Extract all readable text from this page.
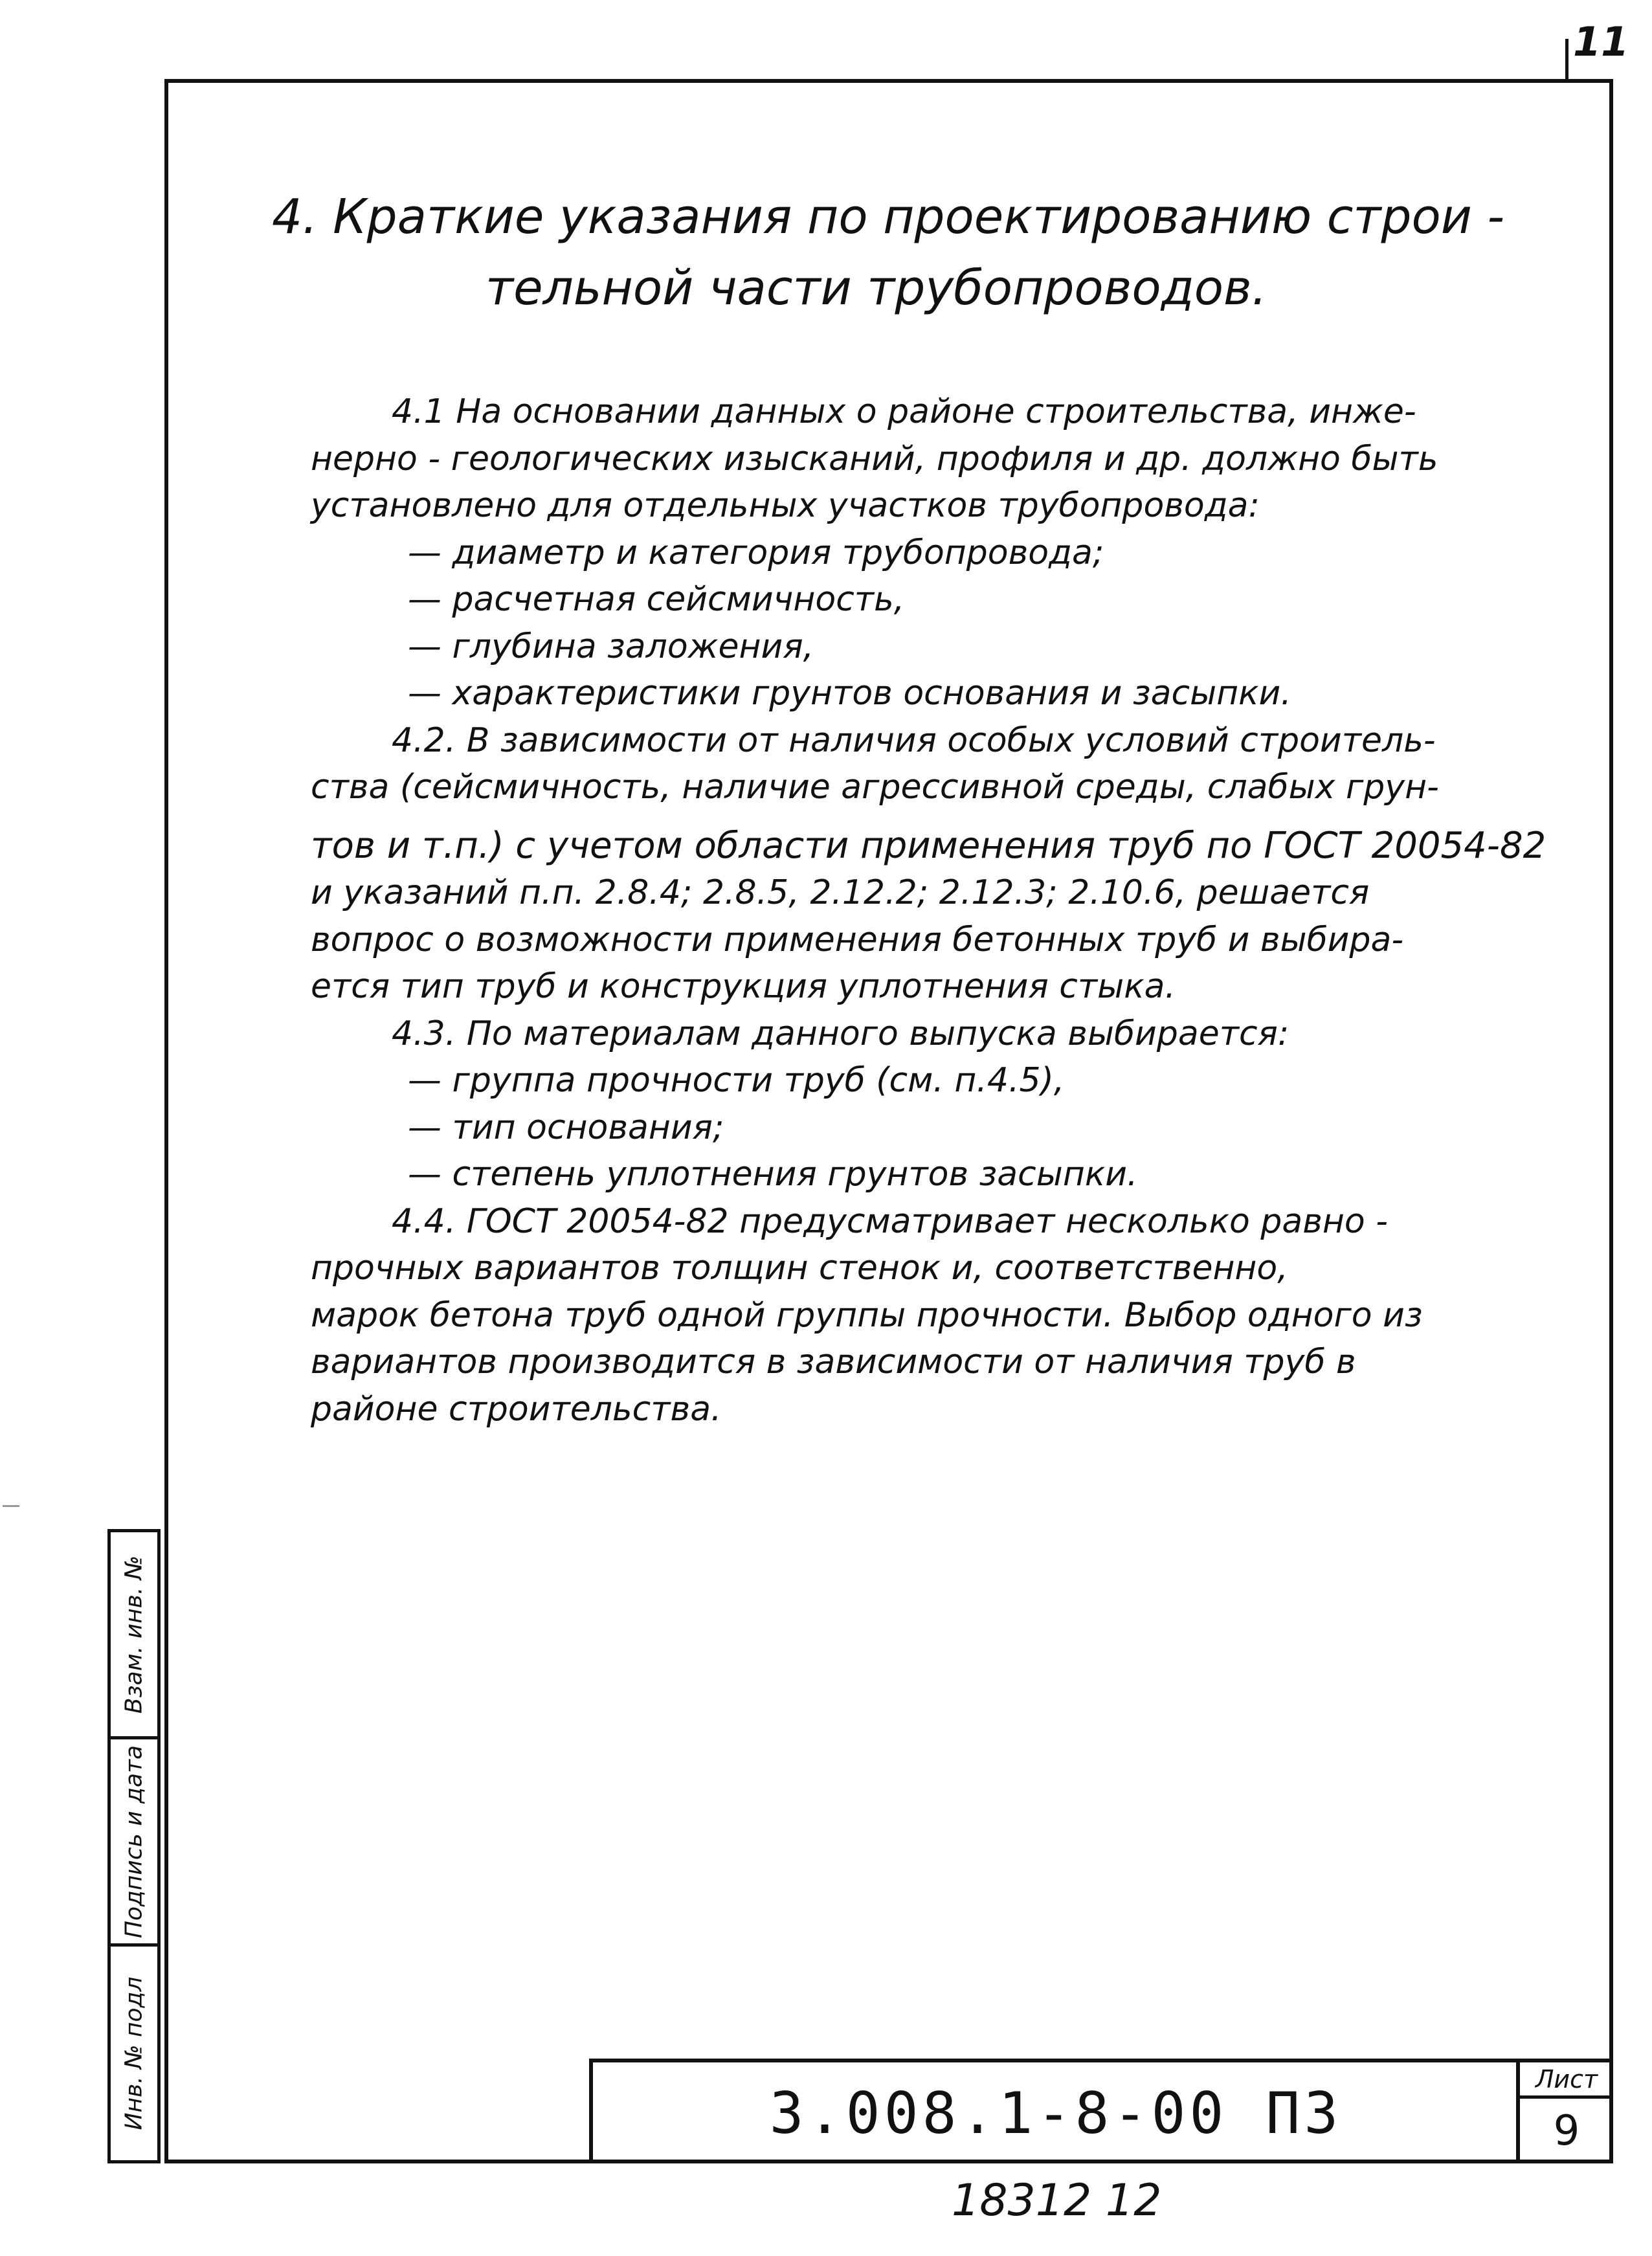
11
4. Краткие указания по проектированию строи -
тельной части трубопроводов.
4.1 На основании данных о районе строительства, инже-
нерно - геологических изысканий, профиля и др. должно быть
установлено для отдельных участков трубопровода:
— диаметр и категория трубопровода;
— расчетная сейсмичность,
— глубина заложения,
— характеристики грунтов основания и засыпки.
4.2. В зависимости от наличия особых условий строитель-
ства (сейсмичность, наличие агрессивной среды, слабых грун-
тов и т.п.) с учетом области применения труб по ГОСТ 20054-82
и указаний п.п. 2.8.4; 2.8.5, 2.12.2; 2.12.3; 2.10.6, решается
вопрос о возможности применения бетонных труб и выбира-
ется тип труб и конструкция уплотнения стыка.
4.3. По материалам данного выпуска выбирается:
— группа прочности труб (см. п.4.5),
— тип основания;
— степень уплотнения грунтов засыпки.
4.4. ГОСТ 20054-82 предусматривает несколько равно -
прочных вариантов толщин стенок и, соответственно,
марок бетона труб одной группы прочности. Выбор одного из
вариантов производится в зависимости от наличия труб в
районе строительства.
Взам. инв. №
Подпись и дата
Инв. № подл	3.008.1-8-00 ПЗ
Лист
9
18312 12
